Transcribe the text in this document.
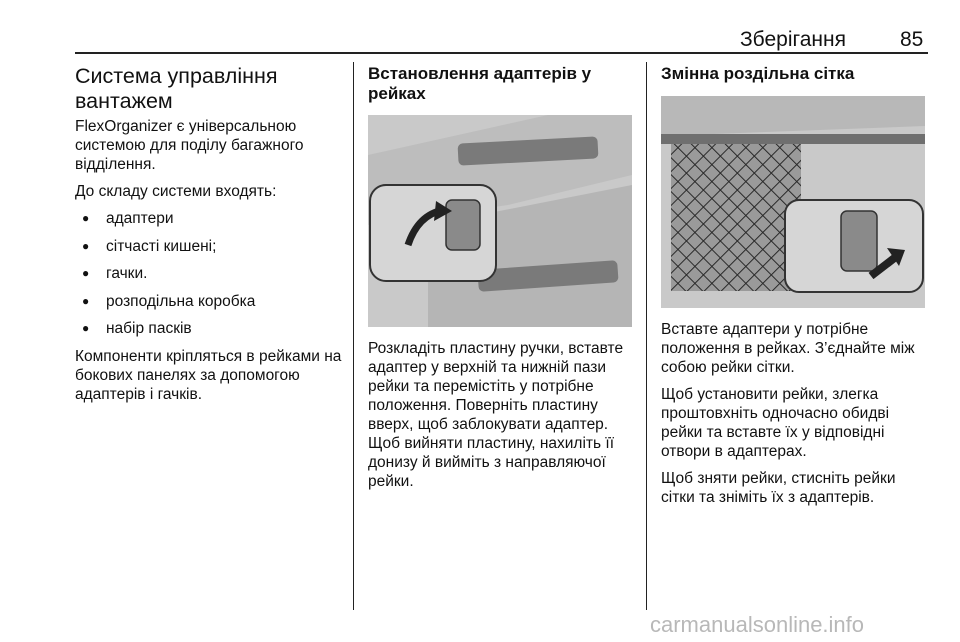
Зберігання	85
Система управління
вантажем

FlexOrganizer є універсальною системою для поділу багажного відділення.

До складу системи входять:

● адаптери
● сітчасті кишені;
● гачки.
● розподільна коробка
● набір пасків

Компоненти кріпляться в рейками на бокових панелях за допомогою адаптерів і гачків.

Встановлення адаптерів у рейках

Розкладіть пластину ручки, вставте адаптер у верхній та нижній пази рейки та перемістіть у потрібне положення. Поверніть пластину вверх, щоб заблокувати адаптер. Щоб вийняти пластину, нахиліть її донизу й вийміть з направляючої рейки.

Змінна роздільна сітка

Вставте адаптери у потрібне положення в рейках. З’єднайте між собою рейки сітки.

Щоб установити рейки, злегка проштовхніть одночасно обидві рейки та вставте їх у відповідні отвори в адаптерах.

Щоб зняти рейки, стисніть рейки сітки та зніміть їх з адаптерів.

carmanualsonline.info
